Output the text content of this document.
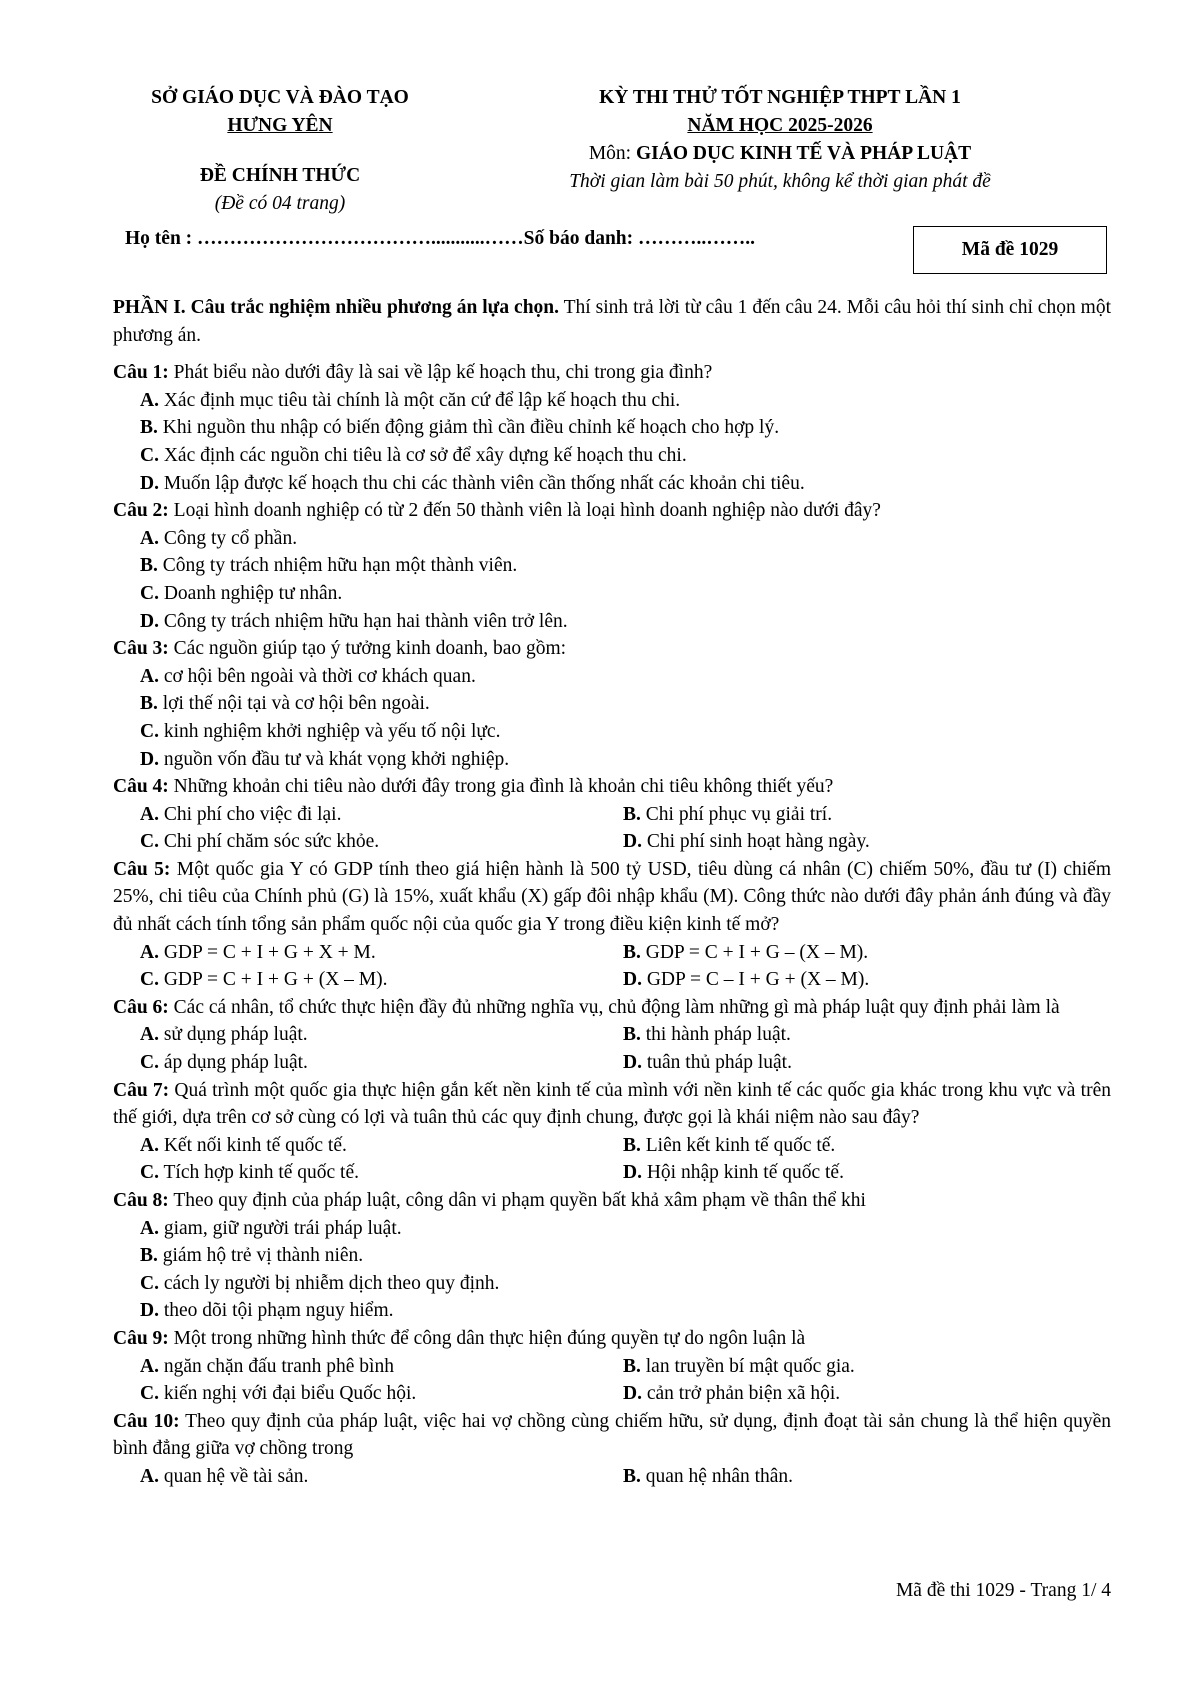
SỞ GIÁO DỤC VÀ ĐÀO TẠO
HƯNG YÊN
ĐỀ CHÍNH THỨC
(Đề có 04 trang)
KỲ THI THỬ TỐT NGHIỆP THPT LẦN 1
NĂM HỌC 2025-2026
Môn: GIÁO DỤC KINH TẾ VÀ PHÁP LUẬT
Thời gian làm bài 50 phút, không kể thời gian phát đề
Họ tên : ………………………………...........……Số báo danh: ………..……..
Mã đề 1029
PHẦN I. Câu trắc nghiệm nhiều phương án lựa chọn. Thí sinh trả lời từ câu 1 đến câu 24. Mỗi câu hỏi thí sinh chỉ chọn một phương án.
Câu 1: Phát biểu nào dưới đây là sai về lập kế hoạch thu, chi trong gia đình?
A. Xác định mục tiêu tài chính là một căn cứ để lập kế hoạch thu chi.
B. Khi nguồn thu nhập có biến động giảm thì cần điều chỉnh kế hoạch cho hợp lý.
C. Xác định các nguồn chi tiêu là cơ sở để xây dựng kế hoạch thu chi.
D. Muốn lập được kế hoạch thu chi các thành viên cần thống nhất các khoản chi tiêu.
Câu 2: Loại hình doanh nghiệp có từ 2 đến 50 thành viên là loại hình doanh nghiệp nào dưới đây?
A. Công ty cổ phần.
B. Công ty trách nhiệm hữu hạn một thành viên.
C. Doanh nghiệp tư nhân.
D. Công ty trách nhiệm hữu hạn hai thành viên trở lên.
Câu 3: Các nguồn giúp tạo ý tưởng kinh doanh, bao gồm:
A. cơ hội bên ngoài và thời cơ khách quan.
B. lợi thế nội tại và cơ hội bên ngoài.
C. kinh nghiệm khởi nghiệp và yếu tố nội lực.
D. nguồn vốn đầu tư và khát vọng khởi nghiệp.
Câu 4: Những khoản chi tiêu nào dưới đây trong gia đình là khoản chi tiêu không thiết yếu?
A. Chi phí cho việc đi lại.	B. Chi phí phục vụ giải trí.
C. Chi phí chăm sóc sức khỏe.	D. Chi phí sinh hoạt hàng ngày.
Câu 5: Một quốc gia Y có GDP tính theo giá hiện hành là 500 tỷ USD, tiêu dùng cá nhân (C) chiếm 50%, đầu tư (I) chiếm 25%, chi tiêu của Chính phủ (G) là 15%, xuất khẩu (X) gấp đôi nhập khẩu (M). Công thức nào dưới đây phản ánh đúng và đầy đủ nhất cách tính tổng sản phẩm quốc nội của quốc gia Y trong điều kiện kinh tế mở?
A. GDP = C + I + G + X + M.	B. GDP = C + I + G – (X – M).
C. GDP = C + I + G + (X – M).	D. GDP = C – I + G + (X – M).
Câu 6: Các cá nhân, tổ chức thực hiện đầy đủ những nghĩa vụ, chủ động làm những gì mà pháp luật quy định phải làm là
A. sử dụng pháp luật.	B. thi hành pháp luật.
C. áp dụng pháp luật.	D. tuân thủ pháp luật.
Câu 7: Quá trình một quốc gia thực hiện gắn kết nền kinh tế của mình với nền kinh tế các quốc gia khác trong khu vực và trên thế giới, dựa trên cơ sở cùng có lợi và tuân thủ các quy định chung, được gọi là khái niệm nào sau đây?
A. Kết nối kinh tế quốc tế.	B. Liên kết kinh tế quốc tế.
C. Tích hợp kinh tế quốc tế.	D. Hội nhập kinh tế quốc tế.
Câu 8: Theo quy định của pháp luật, công dân vi phạm quyền bất khả xâm phạm về thân thể khi
A. giam, giữ người trái pháp luật.
B. giám hộ trẻ vị thành niên.
C. cách ly người bị nhiễm dịch theo quy định.
D. theo dõi tội phạm nguy hiểm.
Câu 9: Một trong những hình thức để công dân thực hiện đúng quyền tự do ngôn luận là
A. ngăn chặn đấu tranh phê bình	B. lan truyền bí mật quốc gia.
C. kiến nghị với đại biểu Quốc hội.	D. cản trở phản biện xã hội.
Câu 10: Theo quy định của pháp luật, việc hai vợ chồng cùng chiếm hữu, sử dụng, định đoạt tài sản chung là thể hiện quyền bình đẳng giữa vợ chồng trong
A. quan hệ về tài sản.	B. quan hệ nhân thân.
Mã đề thi 1029 - Trang 1/ 4
